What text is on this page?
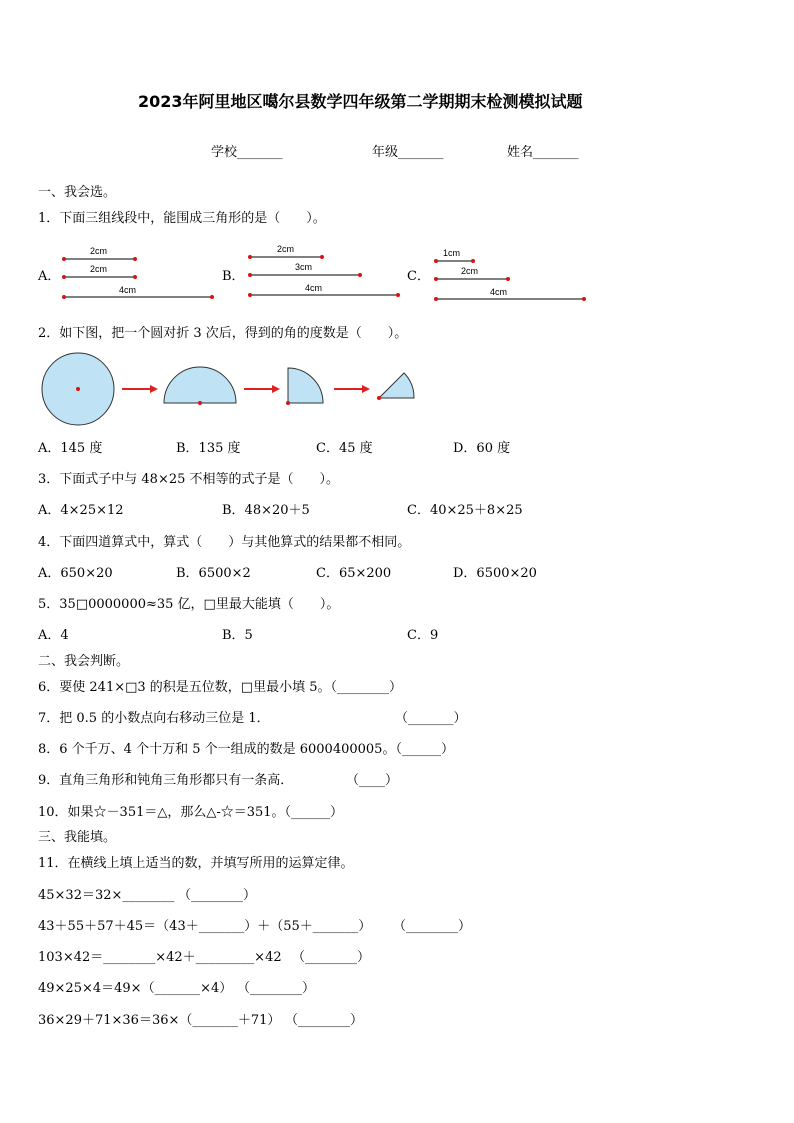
2023年阿里地区噶尔县数学四年级第二学期期末检测模拟试题
学校_______	年级_______	姓名_______
一、我会选。
1．下面三组线段中，能围成三角形的是（　　）。
A．	B．	C．
2cm
2cm
4cm
2cm
3cm
4cm
1cm
2cm
4cm
2．如下图，把一个圆对折 3 次后，得到的角的度数是（　　）。
A．145 度	B．135 度	C．45 度	D．60 度
3．下面式子中与 48×25 不相等的式子是（　　）。
A．4×25×12	B．48×20＋5	C．40×25＋8×25
4．下面四道算式中，算式（　　）与其他算式的结果都不相同。
A．650×20	B．6500×2	C．65×200	D．6500×20
5．35□0000000≈35 亿，□里最大能填（　　）。
A．4	B．5	C．9
二、我会判断。
6．要使 241×□3 的积是五位数，□里最小填 5。（________）
7．把 0.5 的小数点向右移动三位是 1．	（_______）
8．6 个千万、4 个十万和 5 个一组成的数是 6000400005。（______）
9．直角三角形和钝角三角形都只有一条高．	（____）
10．如果☆－351＝△，那么△-☆＝351。（______）
三、我能填。
11．在横线上填上适当的数，并填写所用的运算定律。
45×32＝32×________ （________）
43＋55＋57＋45＝（43＋_______）＋（55＋_______） （________）
103×42＝________×42＋_________×42 （________）
49×25×4＝49×（_______×4） （________）
36×29＋71×36＝36×（_______＋71） （________）
